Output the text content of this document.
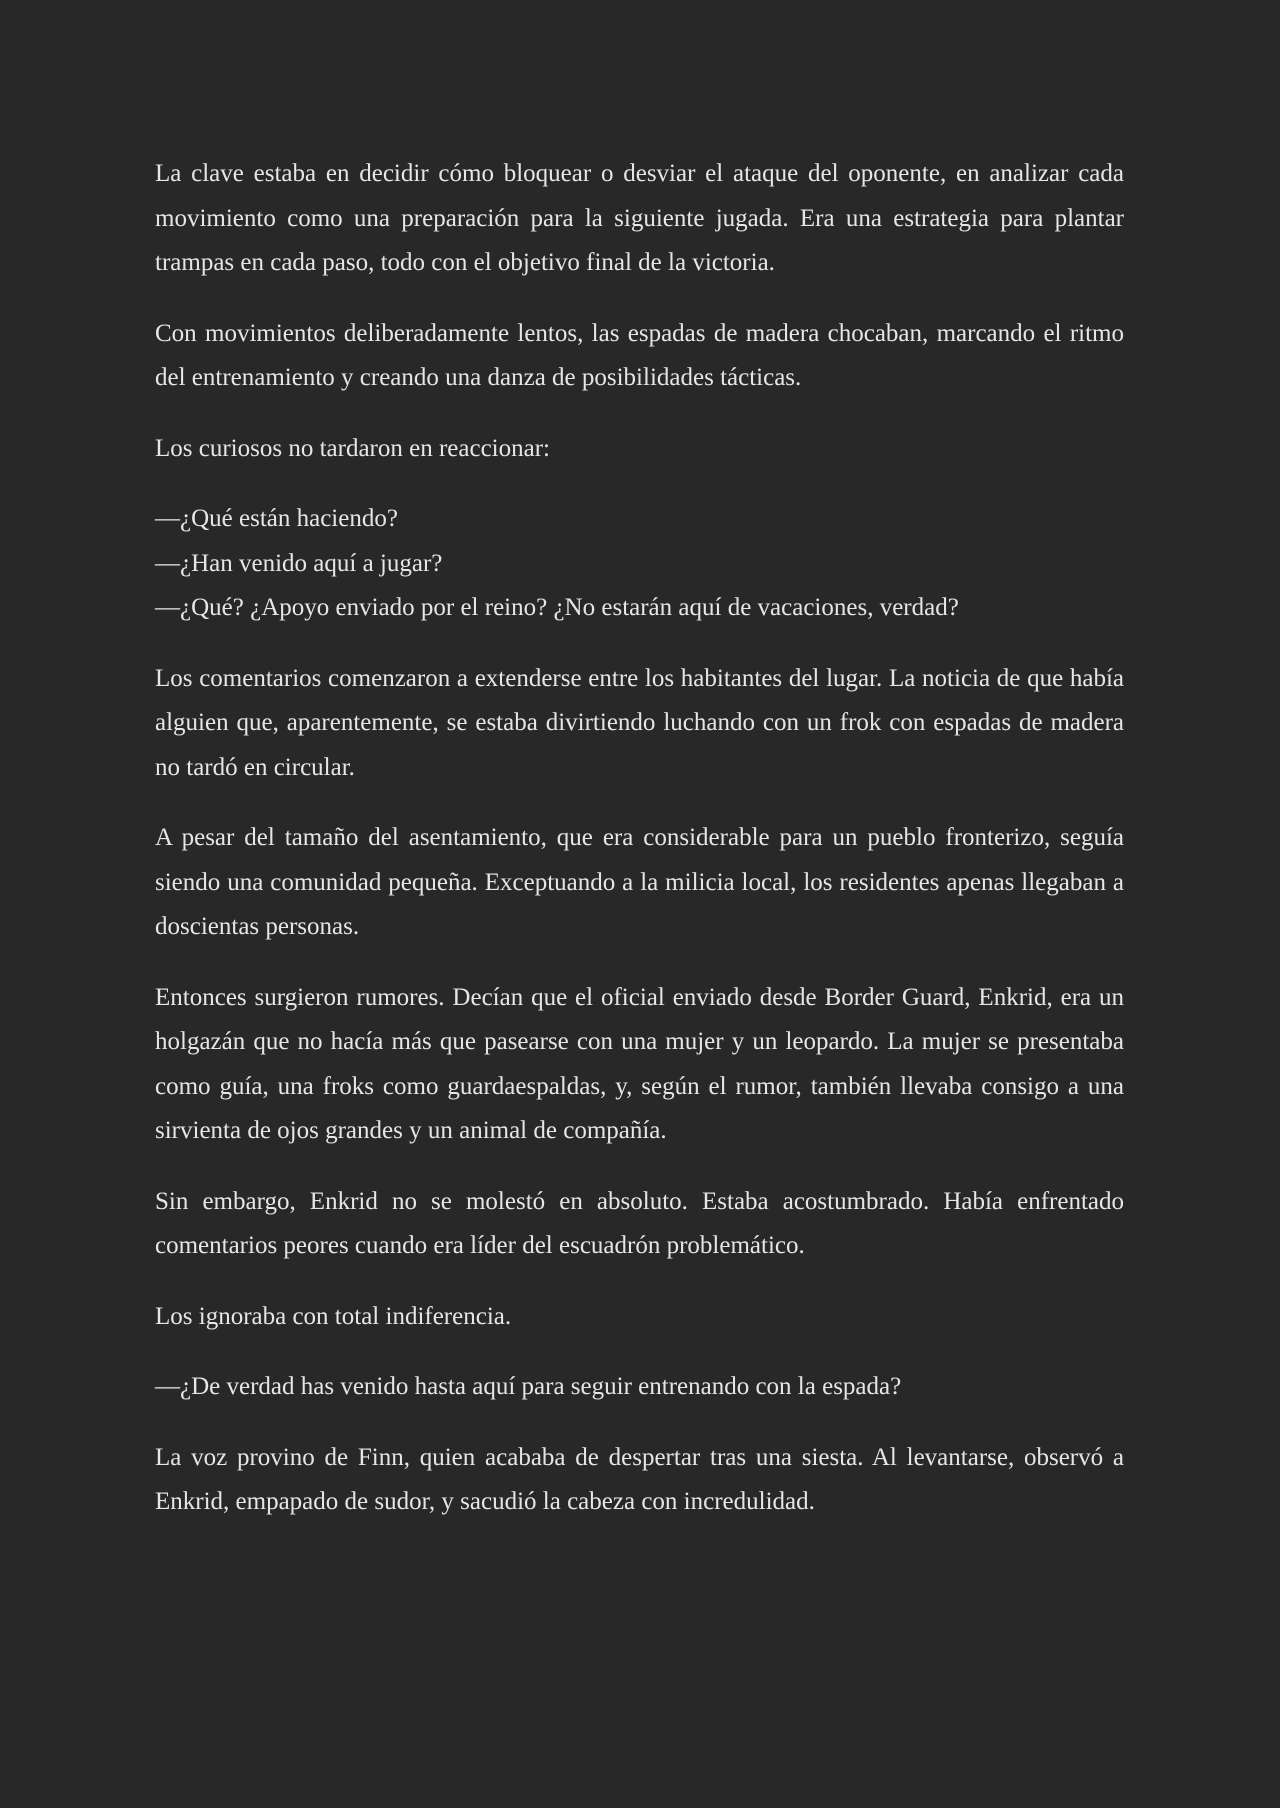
La clave estaba en decidir cómo bloquear o desviar el ataque del oponente, en analizar cada movimiento como una preparación para la siguiente jugada. Era una estrategia para plantar trampas en cada paso, todo con el objetivo final de la victoria.

Con movimientos deliberadamente lentos, las espadas de madera chocaban, marcando el ritmo del entrenamiento y creando una danza de posibilidades tácticas.

Los curiosos no tardaron en reaccionar:

—¿Qué están haciendo?
—¿Han venido aquí a jugar?
—¿Qué? ¿Apoyo enviado por el reino? ¿No estarán aquí de vacaciones, verdad?

Los comentarios comenzaron a extenderse entre los habitantes del lugar. La noticia de que había alguien que, aparentemente, se estaba divirtiendo luchando con un frok con espadas de madera no tardó en circular.

A pesar del tamaño del asentamiento, que era considerable para un pueblo fronterizo, seguía siendo una comunidad pequeña. Exceptuando a la milicia local, los residentes apenas llegaban a doscientas personas.

Entonces surgieron rumores. Decían que el oficial enviado desde Border Guard, Enkrid, era un holgazán que no hacía más que pasearse con una mujer y un leopardo. La mujer se presentaba como guía, una froks como guardaespaldas, y, según el rumor, también llevaba consigo a una sirvienta de ojos grandes y un animal de compañía.

Sin embargo, Enkrid no se molestó en absoluto. Estaba acostumbrado. Había enfrentado comentarios peores cuando era líder del escuadrón problemático.

Los ignoraba con total indiferencia.

—¿De verdad has venido hasta aquí para seguir entrenando con la espada?

La voz provino de Finn, quien acababa de despertar tras una siesta. Al levantarse, observó a Enkrid, empapado de sudor, y sacudió la cabeza con incredulidad.
